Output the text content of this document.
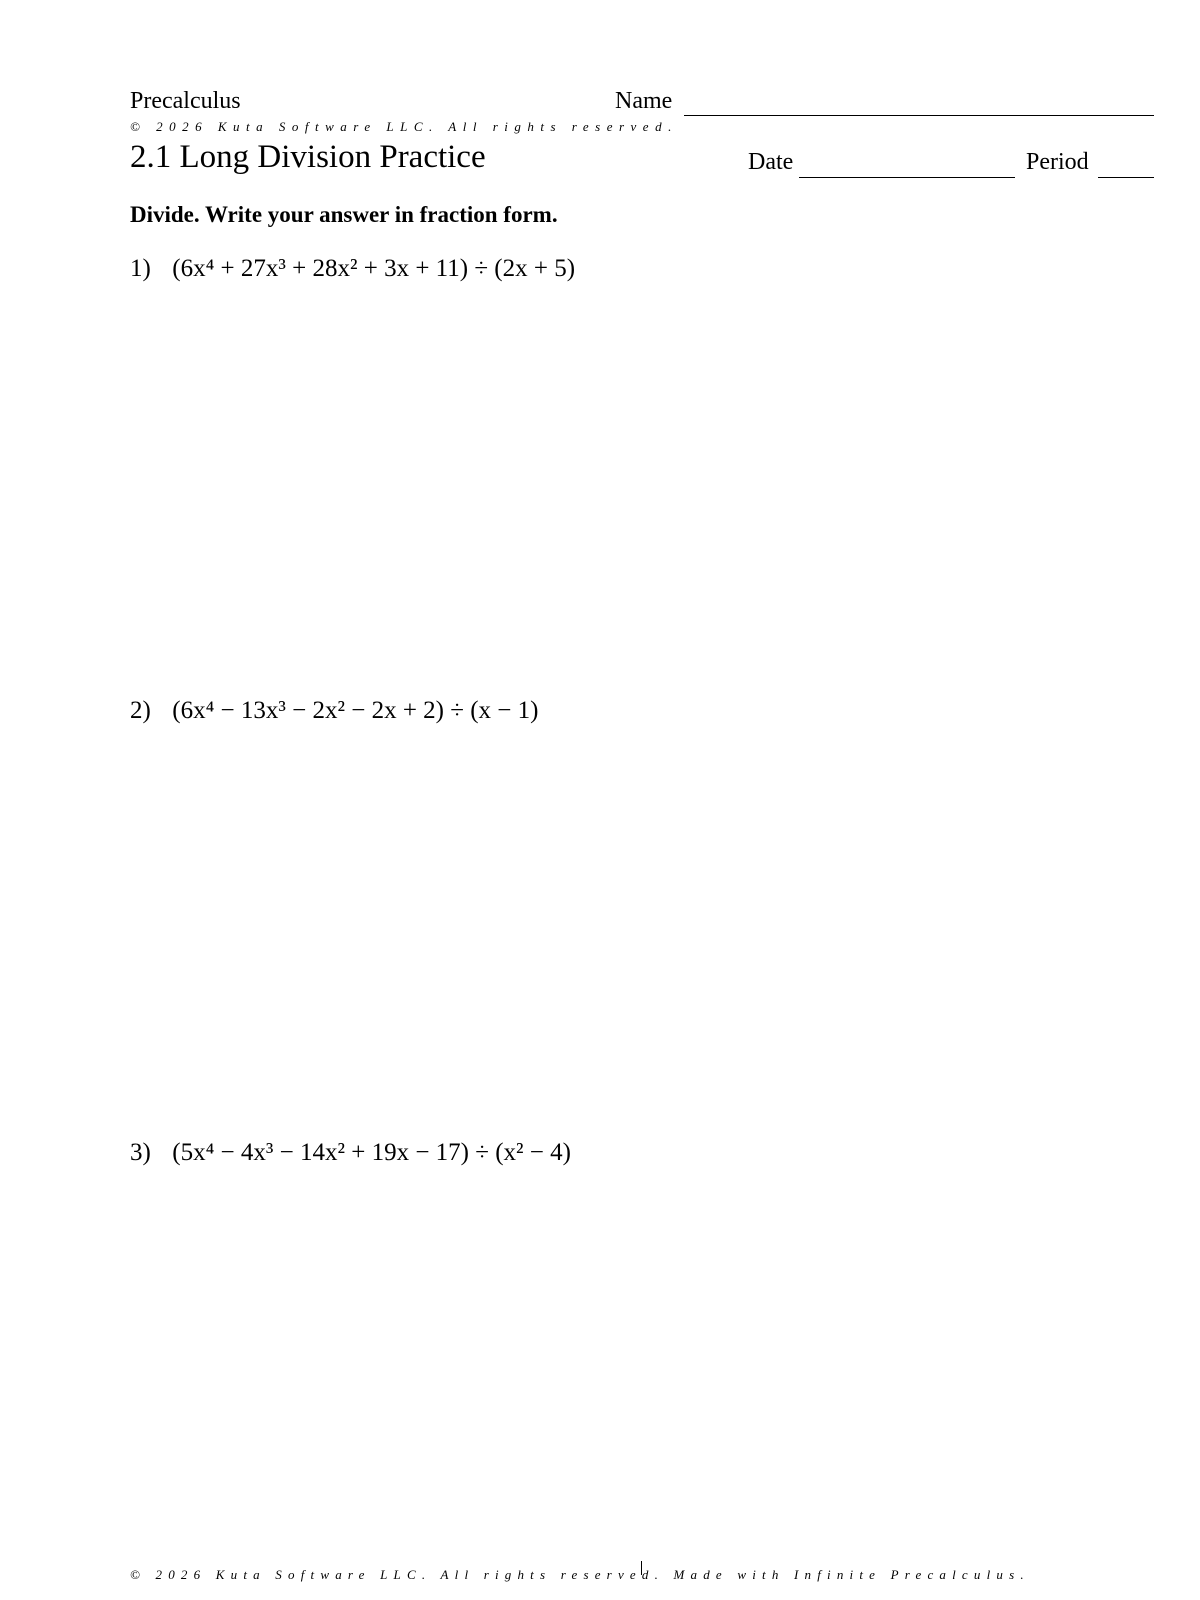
Precalculus	Name
© 2026 Kuta Software LLC. All rights reserved.
2.1 Long Division Practice	Date	Period
Divide. Write your answer in fraction form.
1) (6x⁴ + 27x³ + 28x² + 3x + 11) ÷ (2x + 5)
2) (6x⁴ − 13x³ − 2x² − 2x + 2) ÷ (x − 1)
3) (5x⁴ − 4x³ − 14x² + 19x − 17) ÷ (x² − 4)
© 2026 Kuta Software LLC. All rights reserved. Made with Infinite Precalculus.
